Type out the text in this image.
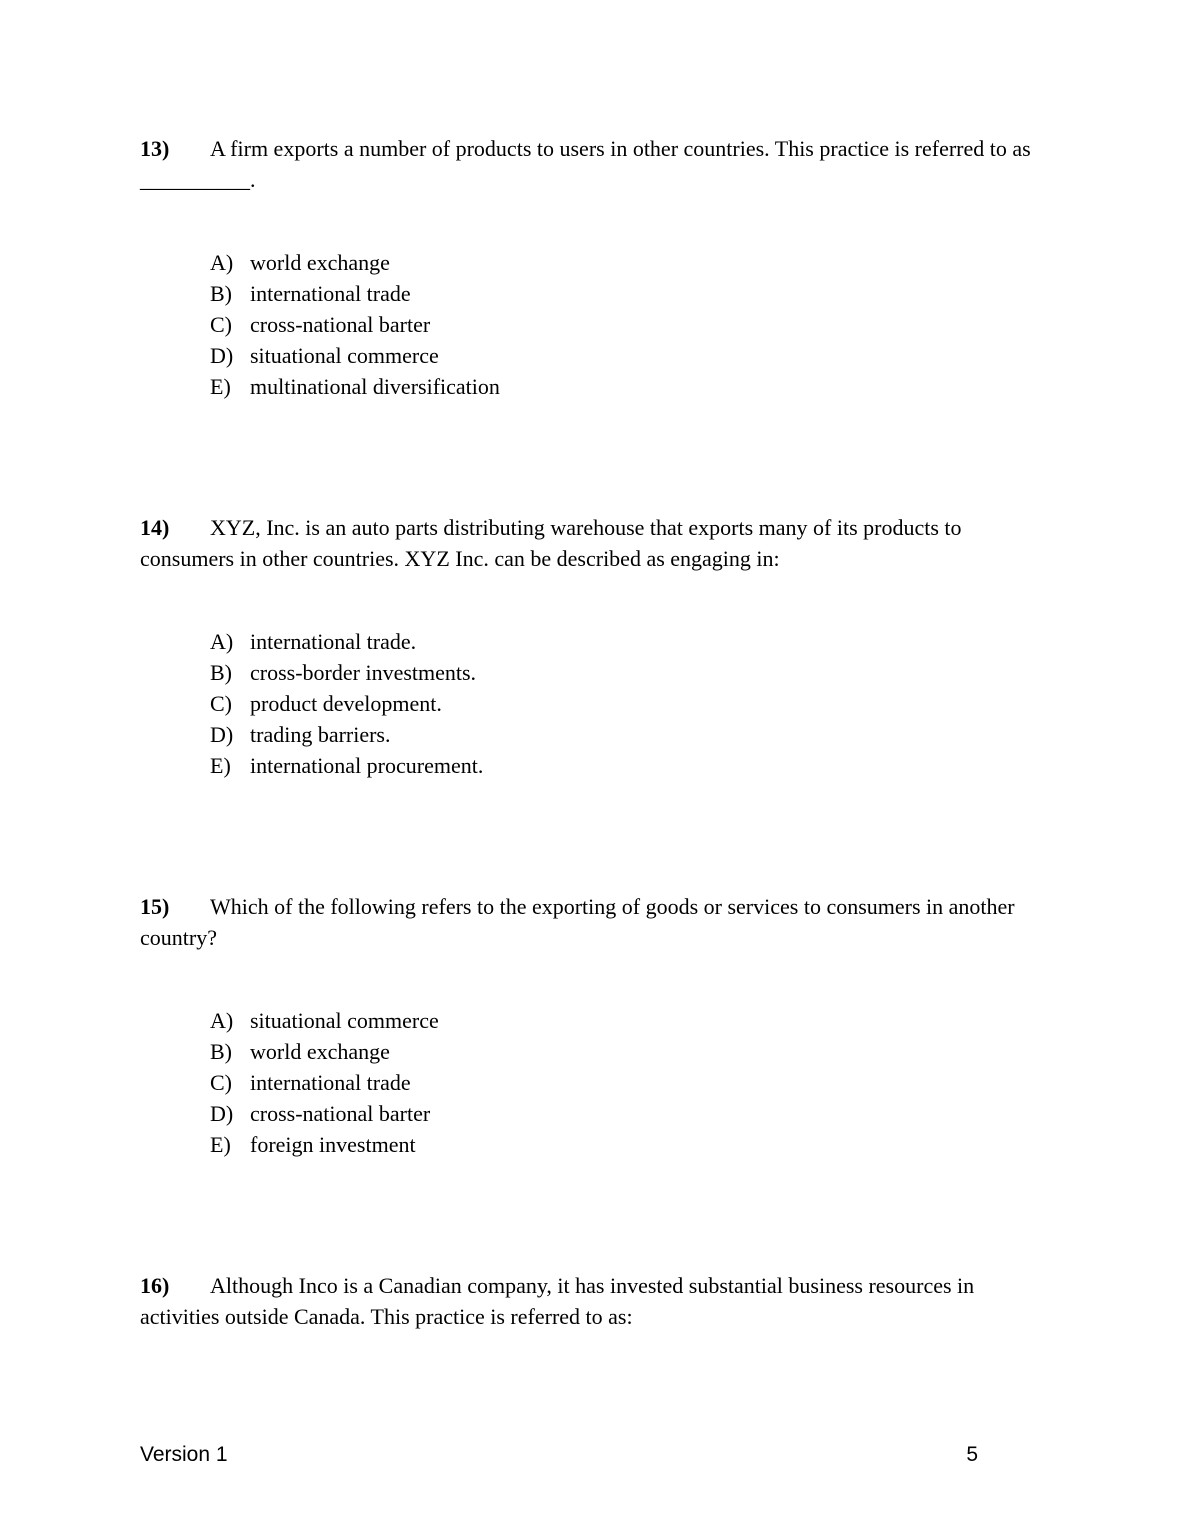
13) A firm exports a number of products to users in other countries. This practice is referred to as __________.

A) world exchange
B) international trade
C) cross-national barter
D) situational commerce
E) multinational diversification

14) XYZ, Inc. is an auto parts distributing warehouse that exports many of its products to consumers in other countries. XYZ Inc. can be described as engaging in:

A) international trade.
B) cross-border investments.
C) product development.
D) trading barriers.
E) international procurement.

15) Which of the following refers to the exporting of goods or services to consumers in another country?

A) situational commerce
B) world exchange
C) international trade
D) cross-national barter
E) foreign investment

16) Although Inco is a Canadian company, it has invested substantial business resources in activities outside Canada. This practice is referred to as:

Version 1	5
